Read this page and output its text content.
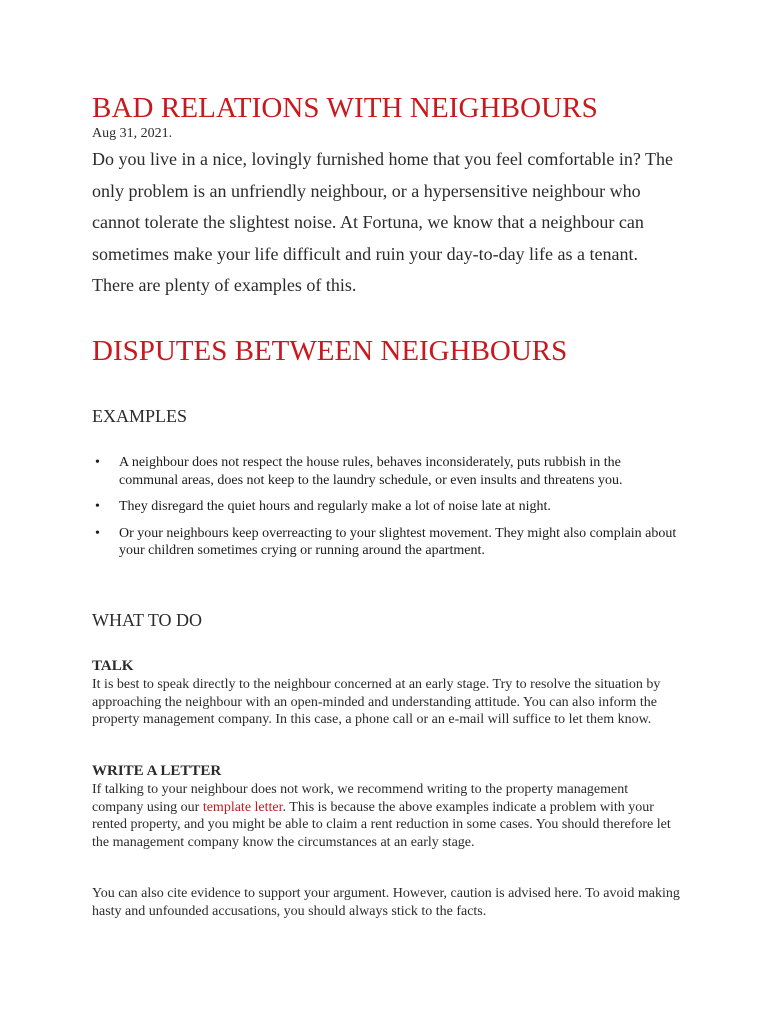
BAD RELATIONS WITH NEIGHBOURS

Aug 31, 2021.

Do you live in a nice, lovingly furnished home that you feel comfortable in? The only problem is an unfriendly neighbour, or a hypersensitive neighbour who cannot tolerate the slightest noise. At Fortuna, we know that a neighbour can sometimes make your life difficult and ruin your day-to-day life as a tenant. There are plenty of examples of this.

DISPUTES BETWEEN NEIGHBOURS
EXAMPLES
• A neighbour does not respect the house rules, behaves inconsiderately, puts rubbish in the communal areas, does not keep to the laundry schedule, or even insults and threatens you.
• They disregard the quiet hours and regularly make a lot of noise late at night.
• Or your neighbours keep overreacting to your slightest movement. They might also complain about your children sometimes crying or running around the apartment.
WHAT TO DO

TALK

It is best to speak directly to the neighbour concerned at an early stage. Try to resolve the situation by approaching the neighbour with an open-minded and understanding attitude. You can also inform the property management company. In this case, a phone call or an e-mail will suffice to let them know.

WRITE A LETTER

If talking to your neighbour does not work, we recommend writing to the property management company using our template letter. This is because the above examples indicate a problem with your rented property, and you might be able to claim a rent reduction in some cases. You should therefore let the management company know the circumstances at an early stage.

You can also cite evidence to support your argument. However, caution is advised here. To avoid making hasty and unfounded accusations, you should always stick to the facts.
